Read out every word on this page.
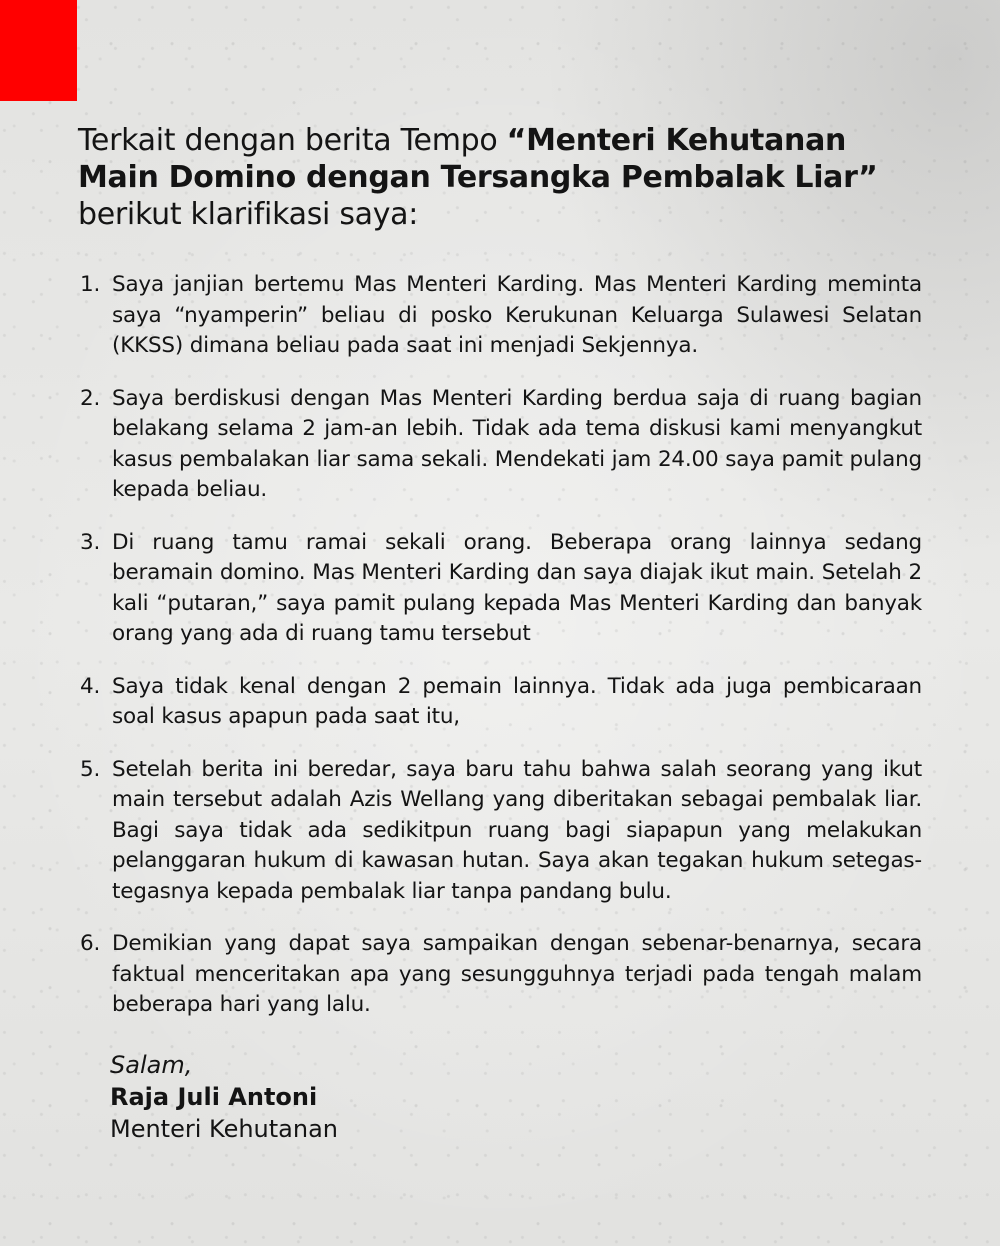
Terkait dengan berita Tempo “Menteri Kehutanan Main Domino dengan Tersangka Pembalak Liar” berikut klarifikasi saya:
1. Saya janjian bertemu Mas Menteri Karding. Mas Menteri Karding meminta saya “nyamperin” beliau di posko Kerukunan Keluarga Sulawesi Selatan (KKSS) dimana beliau pada saat ini menjadi Sekjennya.
2. Saya berdiskusi dengan Mas Menteri Karding berdua saja di ruang bagian belakang selama 2 jam-an lebih. Tidak ada tema diskusi kami menyangkut kasus pembalakan liar sama sekali. Mendekati jam 24.00 saya pamit pulang kepada beliau.
3. Di ruang tamu ramai sekali orang. Beberapa orang lainnya sedang beramain domino. Mas Menteri Karding dan saya diajak ikut main. Setelah 2 kali “putaran,” saya pamit pulang kepada Mas Menteri Karding dan banyak orang yang ada di ruang tamu tersebut
4. Saya tidak kenal dengan 2 pemain lainnya. Tidak ada juga pembicaraan soal kasus apapun pada saat itu,
5. Setelah berita ini beredar, saya baru tahu bahwa salah seorang yang ikut main tersebut adalah Azis Wellang yang diberitakan sebagai pembalak liar. Bagi saya tidak ada sedikitpun ruang bagi siapapun yang melakukan pelanggaran hukum di kawasan hutan. Saya akan tegakan hukum setegas-tegasnya kepada pembalak liar tanpa pandang bulu.
6. Demikian yang dapat saya sampaikan dengan sebenar-benarnya, secara faktual menceritakan apa yang sesungguhnya terjadi pada tengah malam beberapa hari yang lalu.
Salam,
Raja Juli Antoni
Menteri Kehutanan
